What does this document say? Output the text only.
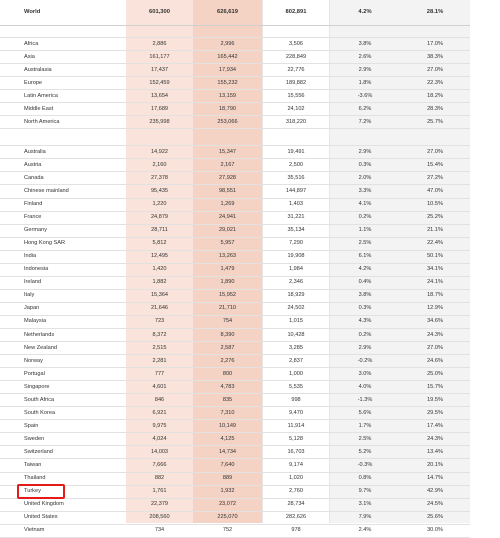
World	601,300	626,619	802,891	4.2%	28.1%

Africa	2,886	2,996	3,506	3.8%	17.0%
Asia	161,177	165,442	228,849	2.6%	38.3%
Australasia	17,437	17,934	22,776	2.9%	27.0%
Europe	152,459	155,232	189,882	1.8%	22.3%
Latin America	13,654	13,159	15,556	-3.6%	18.2%
Middle East	17,689	18,790	24,102	6.2%	28.3%
North America	235,998	253,066	318,220	7.2%	25.7%

Australia	14,922	15,347	19,491	2.9%	27.0%
Austria	2,160	2,167	2,500	0.3%	15.4%
Canada	27,378	27,928	35,516	2.0%	27.2%
Chinese mainland	95,435	98,551	144,897	3.3%	47.0%
Finland	1,220	1,269	1,403	4.1%	10.5%
France	24,879	24,941	31,221	0.2%	25.2%
Germany	28,711	29,021	35,134	1.1%	21.1%
Hong Kong SAR	5,812	5,957	7,290	2.5%	22.4%
India	12,495	13,263	19,908	6.1%	50.1%
Indonesia	1,420	1,479	1,984	4.2%	34.1%
Ireland	1,882	1,890	2,346	0.4%	24.1%
Italy	15,364	15,952	18,929	3.8%	18.7%
Japan	21,646	21,710	24,502	0.3%	12.9%
Malaysia	723	754	1,015	4.3%	34.6%
Netherlands	8,372	8,390	10,428	0.2%	24.3%
New Zealand	2,515	2,587	3,285	2.9%	27.0%
Norway	2,281	2,276	2,837	-0.2%	24.6%
Portugal	777	800	1,000	3.0%	25.0%
Singapore	4,601	4,783	5,535	4.0%	15.7%
South Africa	846	835	998	-1.3%	19.5%
South Korea	6,921	7,310	9,470	5.6%	29.5%
Spain	9,975	10,149	11,914	1.7%	17.4%
Sweden	4,024	4,125	5,128	2.5%	24.3%
Switzerland	14,003	14,734	16,703	5.2%	13.4%
Taiwan	7,666	7,640	9,174	-0.3%	20.1%
Thailand	882	889	1,020	0.8%	14.7%
Turkey	1,761	1,932	2,760	9.7%	42.9%
United Kingdom	22,379	23,072	28,734	3.1%	24.5%
United States	208,560	225,070	282,626	7.9%	25.6%
Vietnam	734	752	978	2.4%	30.0%
